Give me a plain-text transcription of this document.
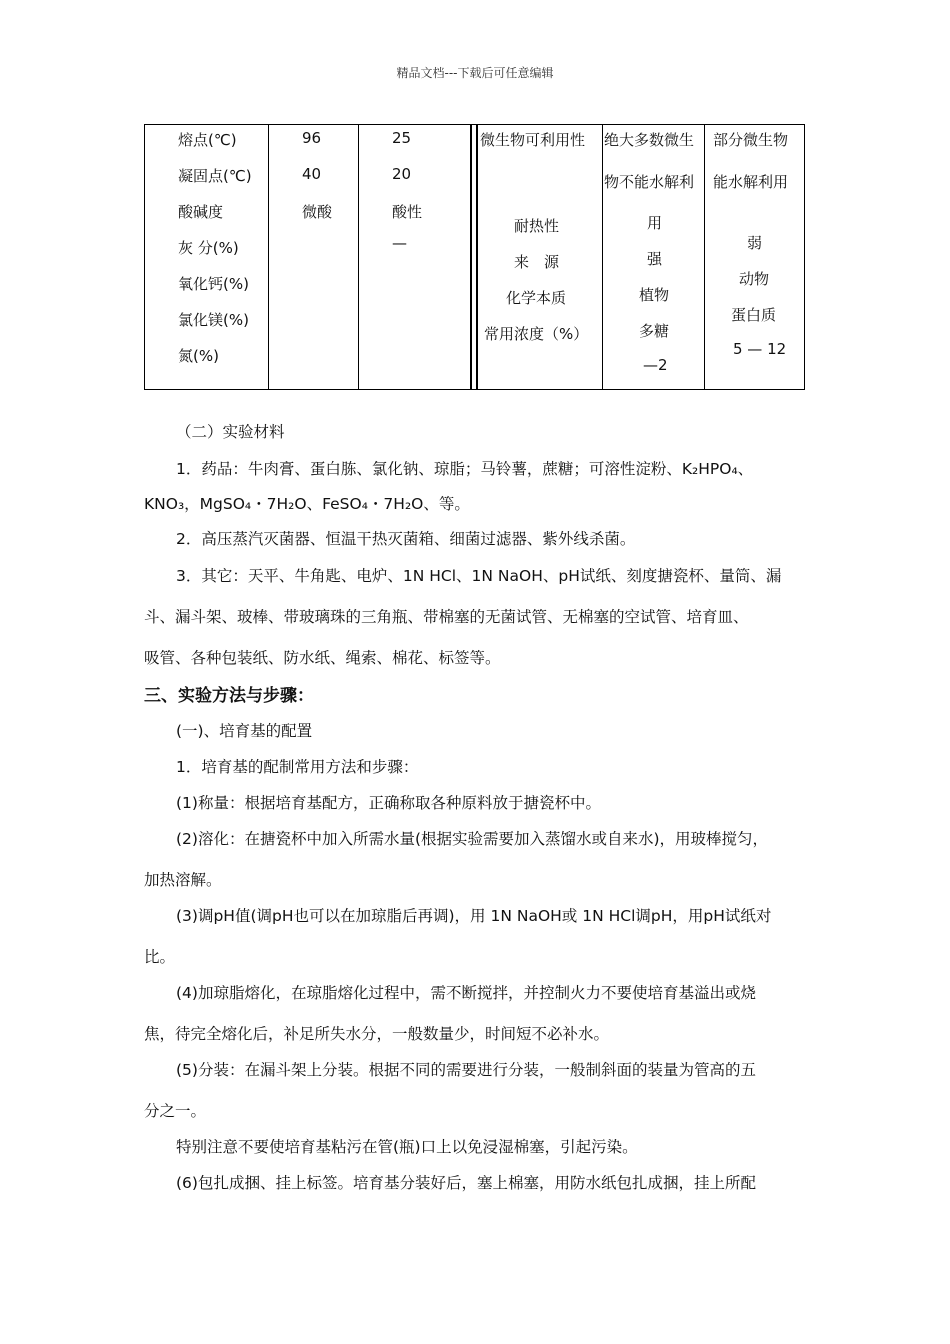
精品文档---下载后可任意编辑
熔点(℃)
凝固点(℃)
酸碱度
灰 分(%)
氧化钙(%)
氯化镁(%)
氮(%)
96
40
微酸
25
20
酸性
—
微生物可利用性
耐热性
来　源
化学本质
常用浓度（%）
绝大多数微生
物不能水解利
用
强
植物
多糖
—2
部分微生物
能水解利用
弱
动物
蛋白质
5 — 12
（二）实验材料
1．药品：牛肉膏、蛋白胨、氯化钠、琼脂；马铃薯，蔗糖；可溶性淀粉、K₂HPO₄、
KNO₃，MgSO₄・7H₂O、FeSO₄・7H₂O、等。
2．高压蒸汽灭菌器、恒温干热灭菌箱、细菌过滤器、紫外线杀菌。
3．其它：天平、牛角匙、电炉、1N HCl、1N NaOH、pH试纸、刻度搪瓷杯、量筒、漏
斗、漏斗架、玻棒、带玻璃珠的三角瓶、带棉塞的无菌试管、无棉塞的空试管、培育皿、
吸管、各种包装纸、防水纸、绳索、棉花、标签等。
三、实验方法与步骤：
(一)、培育基的配置
1．培育基的配制常用方法和步骤：
(1)称量：根据培育基配方，正确称取各种原料放于搪瓷杯中。
(2)溶化：在搪瓷杯中加入所需水量(根据实验需要加入蒸馏水或自来水)，用玻棒搅匀，
加热溶解。
(3)调pH值(调pH也可以在加琼脂后再调)，用 1N NaOH或 1N HCl调pH，用pH试纸对
比。
(4)加琼脂熔化，在琼脂熔化过程中，需不断搅拌，并控制火力不要使培育基溢出或烧
焦，待完全熔化后，补足所失水分，一般数量少，时间短不必补水。
(5)分装：在漏斗架上分装。根据不同的需要进行分装，一般制斜面的装量为管高的五
分之一。
特别注意不要使培育基粘污在管(瓶)口上以免浸湿棉塞，引起污染。
(6)包扎成捆、挂上标签。培育基分装好后，塞上棉塞，用防水纸包扎成捆，挂上所配
